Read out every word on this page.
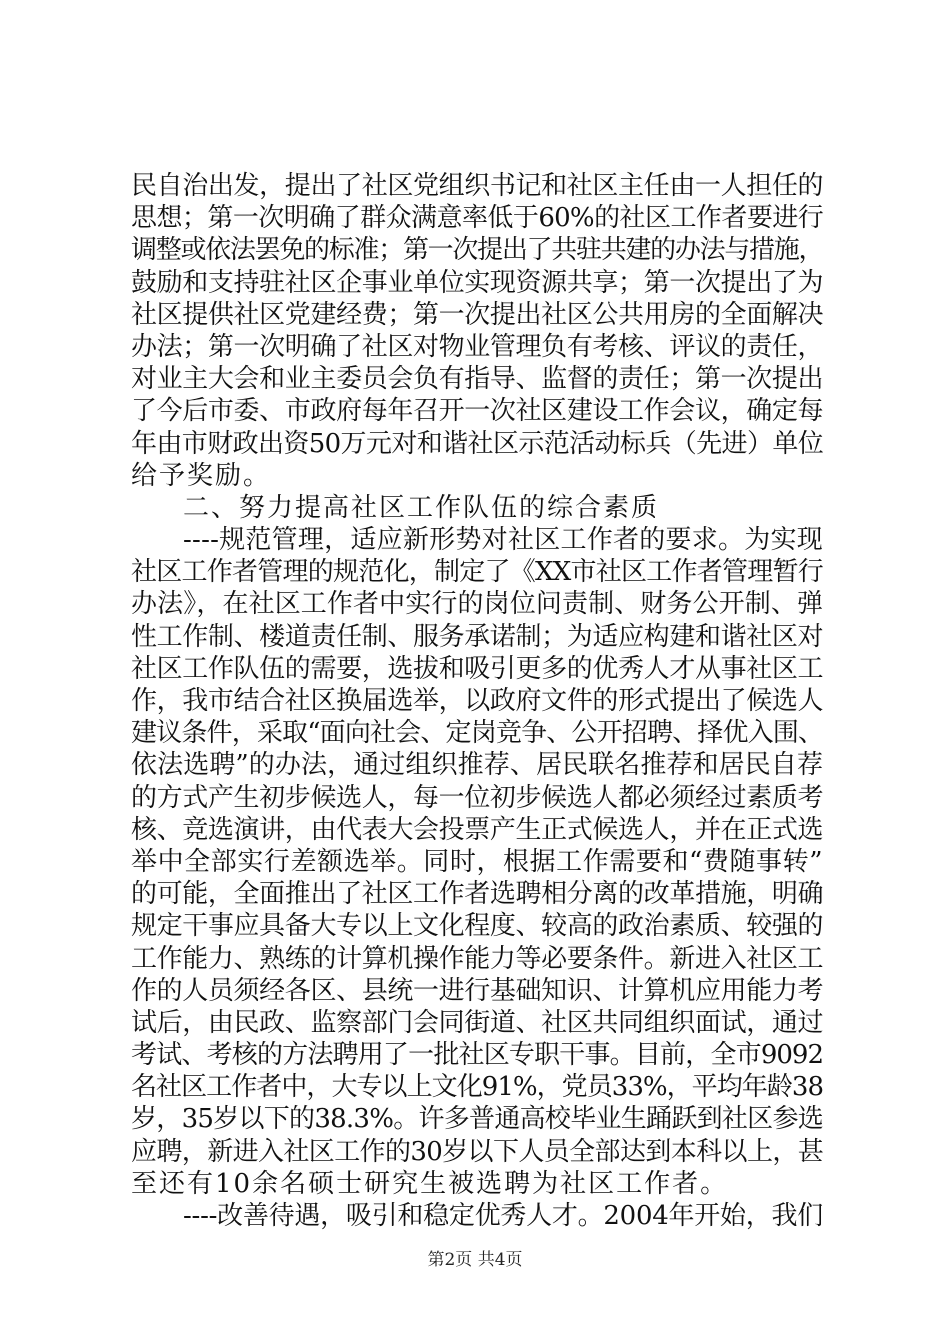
民自治出发，提出了社区党组织书记和社区主任由一人担任的
思想；第一次明确了群众满意率低于60%的社区工作者要进行
调整或依法罢免的标准；第一次提出了共驻共建的办法与措施，
鼓励和支持驻社区企事业单位实现资源共享；第一次提出了为
社区提供社区党建经费；第一次提出社区公共用房的全面解决
办法；第一次明确了社区对物业管理负有考核、评议的责任，
对业主大会和业主委员会负有指导、监督的责任；第一次提出
了今后市委、市政府每年召开一次社区建设工作会议，确定每
年由市财政出资50万元对和谐社区示范活动标兵（先进）单位
给予奖励。
二、努力提高社区工作队伍的综合素质
----规范管理，适应新形势对社区工作者的要求。为实现
社区工作者管理的规范化，制定了《XX市社区工作者管理暂行
办法》，在社区工作者中实行的岗位问责制、财务公开制、弹
性工作制、楼道责任制、服务承诺制；为适应构建和谐社区对
社区工作队伍的需要，选拔和吸引更多的优秀人才从事社区工
作，我市结合社区换届选举，以政府文件的形式提出了候选人
建议条件，采取“面向社会、定岗竞争、公开招聘、择优入围、
依法选聘”的办法，通过组织推荐、居民联名推荐和居民自荐
的方式产生初步候选人，每一位初步候选人都必须经过素质考
核、竞选演讲，由代表大会投票产生正式候选人，并在正式选
举中全部实行差额选举。同时，根据工作需要和“费随事转”
的可能，全面推出了社区工作者选聘相分离的改革措施，明确
规定干事应具备大专以上文化程度、较高的政治素质、较强的
工作能力、熟练的计算机操作能力等必要条件。新进入社区工
作的人员须经各区、县统一进行基础知识、计算机应用能力考
试后，由民政、监察部门会同街道、社区共同组织面试，通过
考试、考核的方法聘用了一批社区专职干事。目前，全市9092
名社区工作者中，大专以上文化91%，党员33%，平均年龄38
岁，35岁以下的38.3%。许多普通高校毕业生踊跃到社区参选
应聘，新进入社区工作的30岁以下人员全部达到本科以上，甚
至还有10余名硕士研究生被选聘为社区工作者。
----改善待遇，吸引和稳定优秀人才。2004年开始，我们
第2页 共4页
